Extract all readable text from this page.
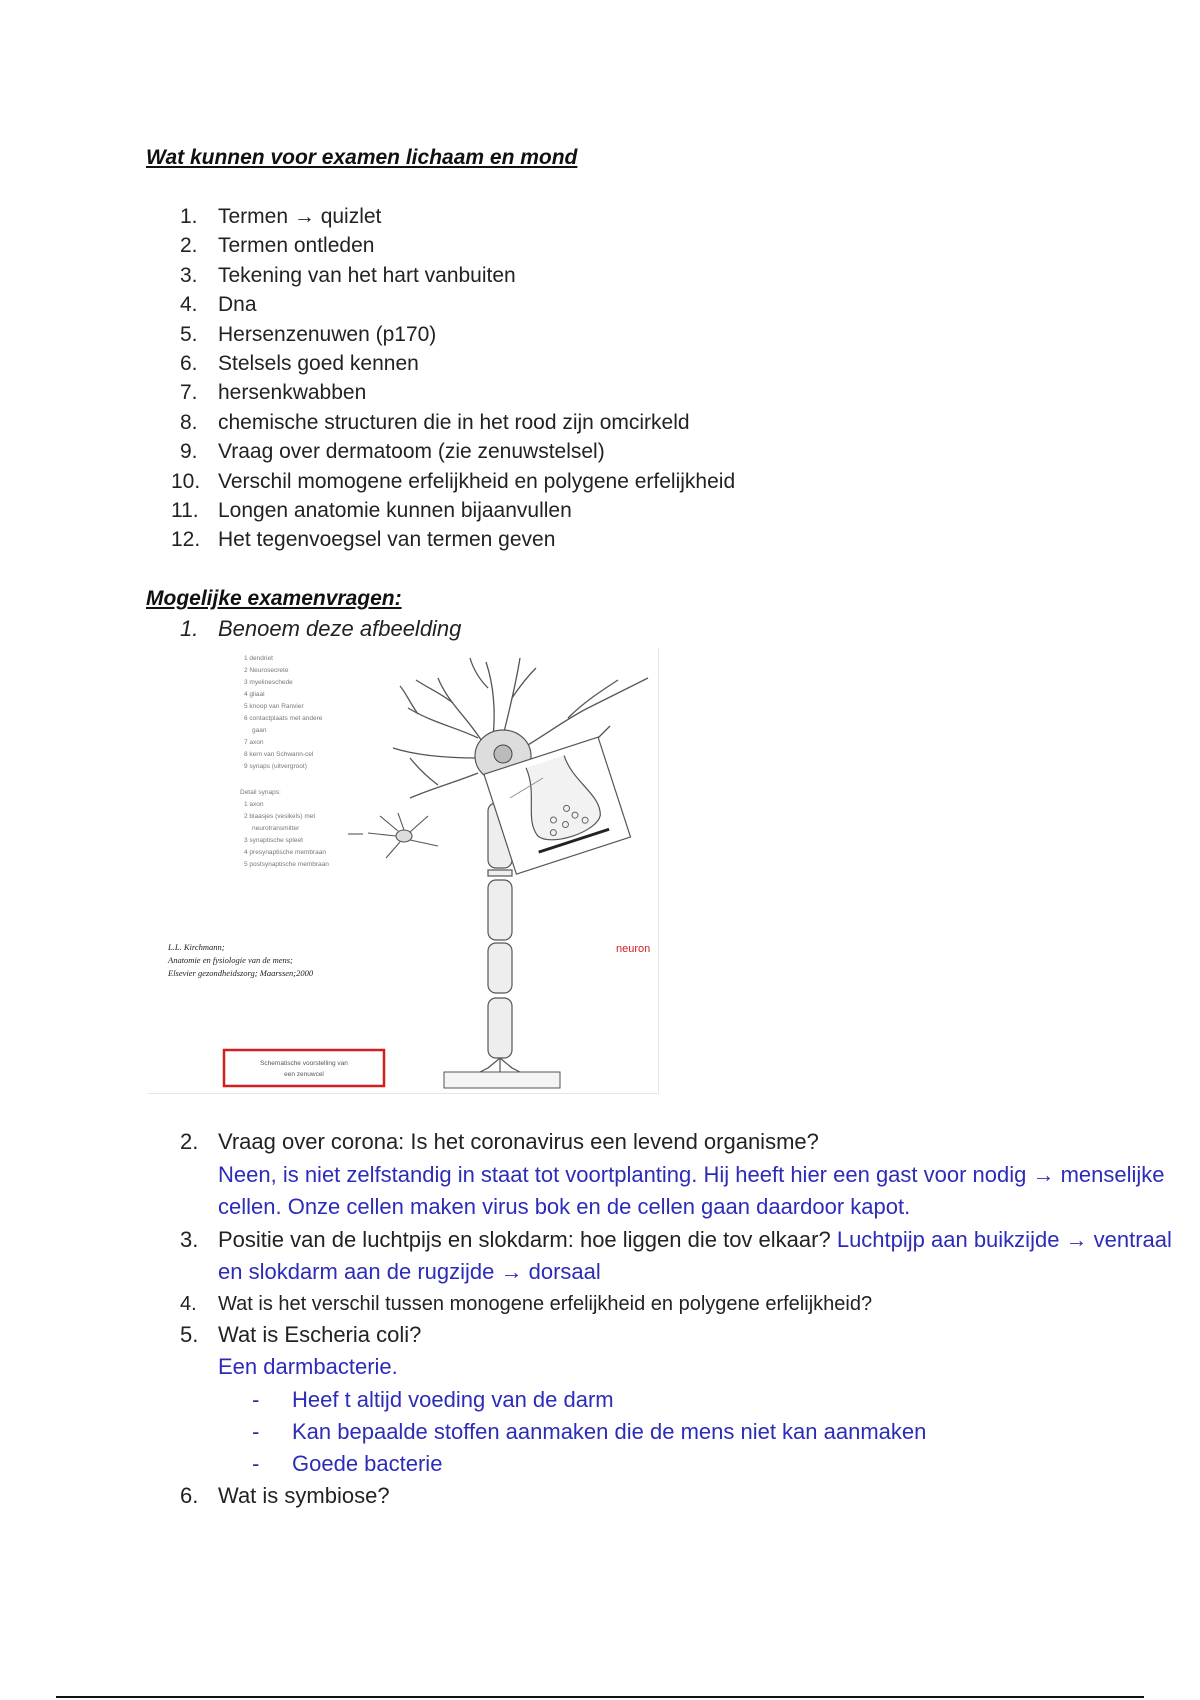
Wat kunnen voor examen lichaam en mond
1. Termen → quizlet
2. Termen ontleden
3. Tekening van het hart vanbuiten
4. Dna
5. Hersenzenuwen (p170)
6. Stelsels goed kennen
7. hersenkwabben
8. chemische structuren die in het rood zijn omcirkeld
9. Vraag over dermatoom (zie zenuwstelsel)
10. Verschil momogene erfelijkheid en polygene erfelijkheid
11. Longen anatomie kunnen bijaanvullen
12. Het tegenvoegsel van termen geven
Mogelijke examenvragen:
1. Benoem deze afbeelding
1 dendriet
2 Neurosecrete
3 myelineschede
4 gliaal
5 knoop van Ranvier
6 contactplaats met andere
gaan
7 axon
8 kern van Schwann-cel
9 synaps (uitvergroot)
Detail synaps:
1 axon
2 blaasjes (vesikels) met
neurotransmitter
3 synaptische spleet
4 presynaptische membraan
5 postsynaptische membraan
L.L. Kirchmann;
Anatomie en fysiologie van de mens;
Elsevier gezondheidszorg; Maarssen;2000
neuron
Schematische voorstelling van
een zenuwcel
2. Vraag over corona: Is het coronavirus een levend organisme?
Neen, is niet zelfstandig in staat tot voortplanting. Hij heeft hier een gast voor nodig → menselijke cellen. Onze cellen maken virus bok en de cellen gaan daardoor kapot.
3. Positie van de luchtpijs en slokdarm: hoe liggen die tov elkaar? Luchtpijp aan buikzijde → ventraal en slokdarm aan de rugzijde → dorsaal
4. Wat is het verschil tussen monogene erfelijkheid en polygene erfelijkheid?
5. Wat is Escheria coli?
Een darmbacterie.
- Heef t altijd voeding van de darm
- Kan bepaalde stoffen aanmaken die de mens niet kan aanmaken
- Goede bacterie
6. Wat is symbiose?
